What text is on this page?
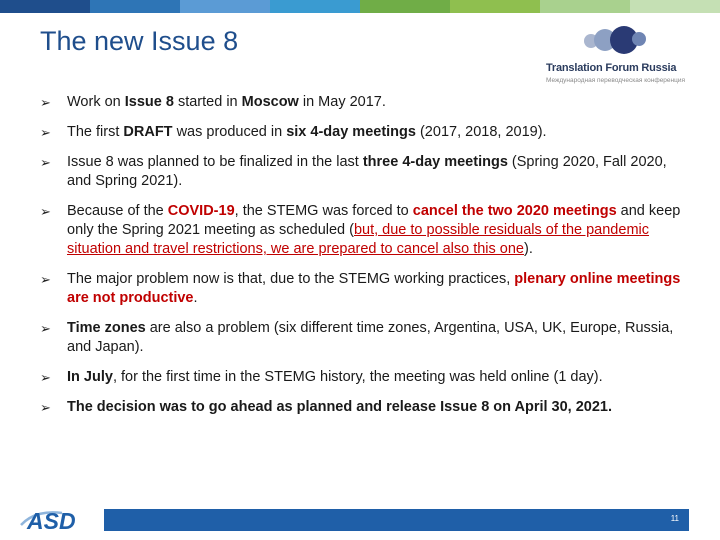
The new Issue 8
Translation Forum Russia
Международная переводческая конференция
➢	Work on Issue 8 started in Moscow in May 2017.
➢	The first DRAFT was produced in six 4-day meetings (2017, 2018, 2019).
➢	Issue 8 was planned to be finalized in the last three 4-day meetings (Spring 2020, Fall 2020, and Spring 2021).
➢	Because of the COVID-19, the STEMG was forced to cancel the two 2020 meetings and keep only the Spring 2021 meeting as scheduled (but, due to possible residuals of the pandemic situation and travel restrictions, we are prepared to cancel also this one).
➢	The major problem now is that, due to the STEMG working practices, plenary online meetings are not productive.
➢	Time zones are also a problem (six different time zones, Argentina, USA, UK, Europe, Russia, and Japan).
➢	In July, for the first time in the STEMG history, the meeting was held online (1 day).
➢	The decision was to go ahead as planned and release Issue 8 on April 30, 2021.
ASD	11
